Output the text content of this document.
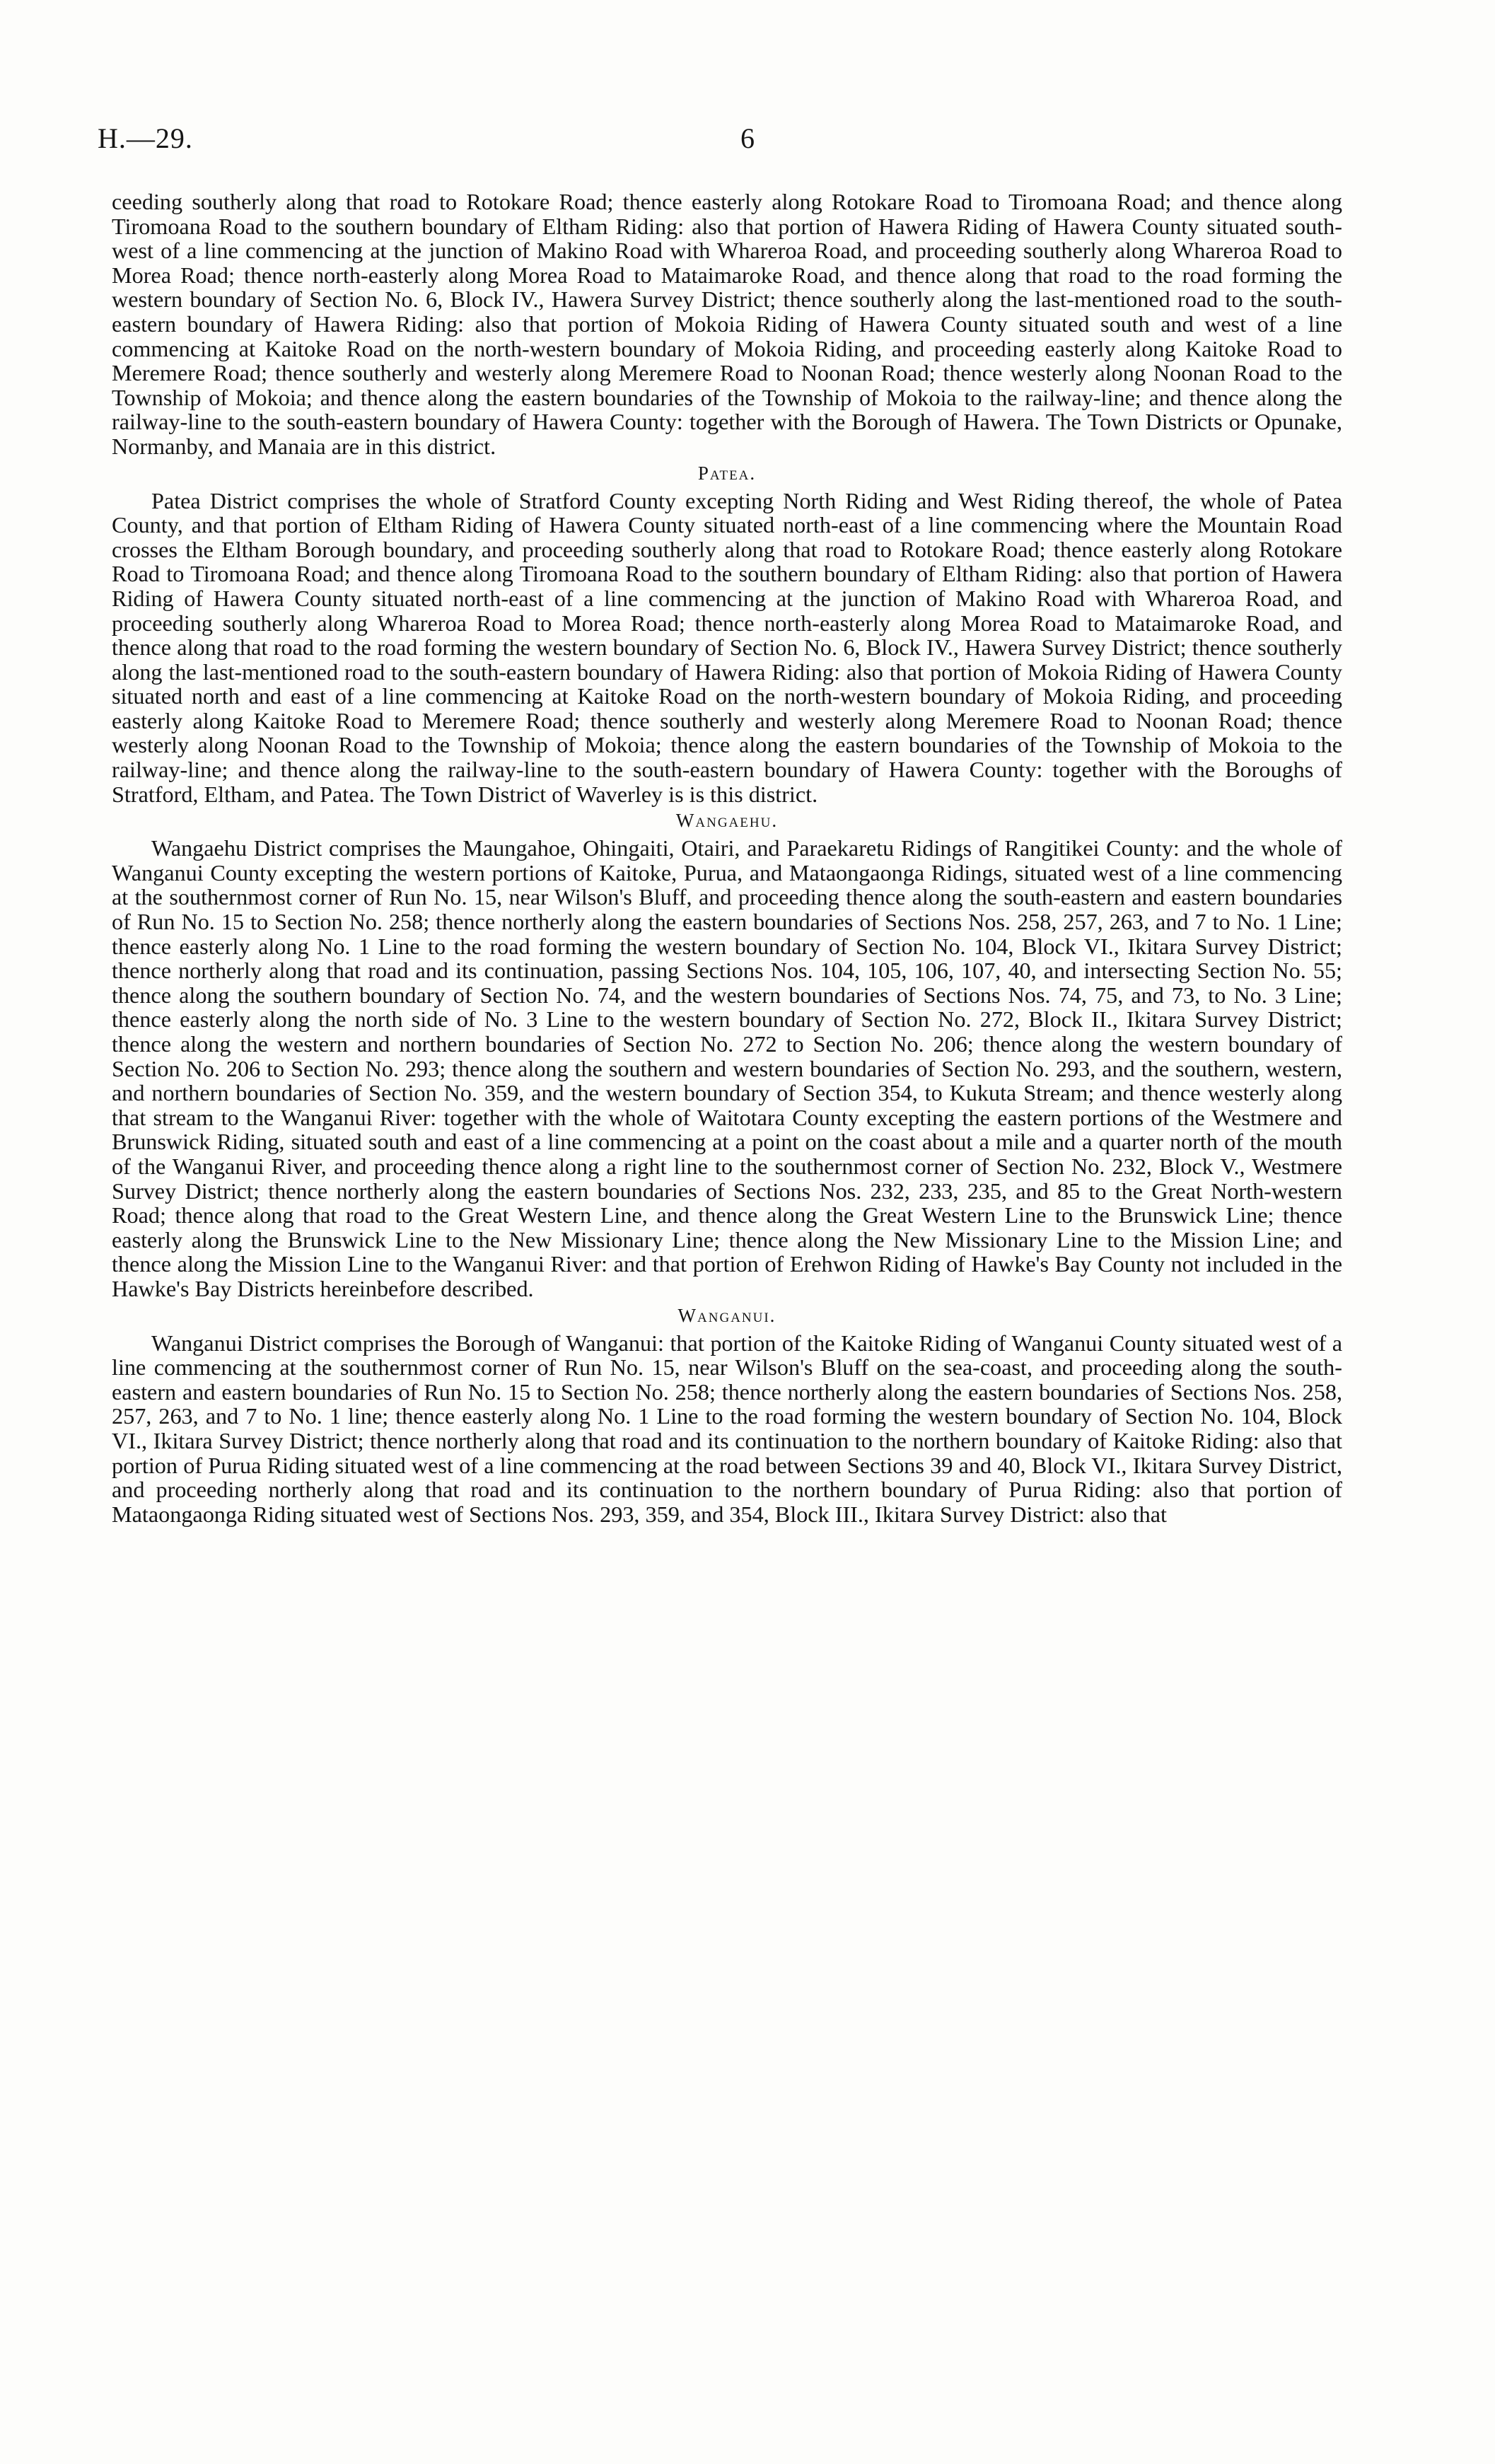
H.—29.	6

ceeding southerly along that road to Rotokare Road; thence easterly along Rotokare Road to Tiromoana Road; and thence along Tiromoana Road to the southern boundary of Eltham Riding: also that portion of Hawera Riding of Hawera County situated south-west of a line commencing at the junction of Makino Road with Whareroa Road, and proceeding southerly along Whareroa Road to Morea Road; thence north-easterly along Morea Road to Mataimaroke Road, and thence along that road to the road forming the western boundary of Section No. 6, Block IV., Hawera Survey District; thence southerly along the last-mentioned road to the south-eastern boundary of Hawera Riding: also that portion of Mokoia Riding of Hawera County situated south and west of a line commencing at Kaitoke Road on the north-western boundary of Mokoia Riding, and proceeding easterly along Kaitoke Road to Meremere Road; thence southerly and westerly along Meremere Road to Noonan Road; thence westerly along Noonan Road to the Township of Mokoia; and thence along the eastern boundaries of the Township of Mokoia to the railway-line; and thence along the railway-line to the south-eastern boundary of Hawera County: together with the Borough of Hawera. The Town Districts or Opunake, Normanby, and Manaia are in this district.

Patea.

Patea District comprises the whole of Stratford County excepting North Riding and West Riding thereof, the whole of Patea County, and that portion of Eltham Riding of Hawera County situated north-east of a line commencing where the Mountain Road crosses the Eltham Borough boundary, and proceeding southerly along that road to Rotokare Road; thence easterly along Rotokare Road to Tiromoana Road; and thence along Tiromoana Road to the southern boundary of Eltham Riding: also that portion of Hawera Riding of Hawera County situated north-east of a line commencing at the junction of Makino Road with Whareroa Road, and proceeding southerly along Whareroa Road to Morea Road; thence north-easterly along Morea Road to Mataimaroke Road, and thence along that road to the road forming the western boundary of Section No. 6, Block IV., Hawera Survey District; thence southerly along the last-mentioned road to the south-eastern boundary of Hawera Riding: also that portion of Mokoia Riding of Hawera County situated north and east of a line commencing at Kaitoke Road on the north-western boundary of Mokoia Riding, and proceeding easterly along Kaitoke Road to Meremere Road; thence southerly and westerly along Meremere Road to Noonan Road; thence westerly along Noonan Road to the Township of Mokoia; thence along the eastern boundaries of the Township of Mokoia to the railway-line; and thence along the railway-line to the south-eastern boundary of Hawera County: together with the Boroughs of Stratford, Eltham, and Patea. The Town District of Waverley is is this district.

Wangaehu.

Wangaehu District comprises the Maungahoe, Ohingaiti, Otairi, and Paraekaretu Ridings of Rangitikei County: and the whole of Wanganui County excepting the western portions of Kaitoke, Purua, and Mataongaonga Ridings, situated west of a line commencing at the southernmost corner of Run No. 15, near Wilson's Bluff, and proceeding thence along the south-eastern and eastern boundaries of Run No. 15 to Section No. 258; thence northerly along the eastern boundaries of Sections Nos. 258, 257, 263, and 7 to No. 1 Line; thence easterly along No. 1 Line to the road forming the western boundary of Section No. 104, Block VI., Ikitara Survey District; thence northerly along that road and its continuation, passing Sections Nos. 104, 105, 106, 107, 40, and intersecting Section No. 55; thence along the southern boundary of Section No. 74, and the western boundaries of Sections Nos. 74, 75, and 73, to No. 3 Line; thence easterly along the north side of No. 3 Line to the western boundary of Section No. 272, Block II., Ikitara Survey District; thence along the western and northern boundaries of Section No. 272 to Section No. 206; thence along the western boundary of Section No. 206 to Section No. 293; thence along the southern and western boundaries of Section No. 293, and the southern, western, and northern boundaries of Section No. 359, and the western boundary of Section 354, to Kukuta Stream; and thence westerly along that stream to the Wanganui River: together with the whole of Waitotara County excepting the eastern portions of the Westmere and Brunswick Riding, situated south and east of a line commencing at a point on the coast about a mile and a quarter north of the mouth of the Wanganui River, and proceeding thence along a right line to the southernmost corner of Section No. 232, Block V., Westmere Survey District; thence northerly along the eastern boundaries of Sections Nos. 232, 233, 235, and 85 to the Great North-western Road; thence along that road to the Great Western Line, and thence along the Great Western Line to the Brunswick Line; thence easterly along the Brunswick Line to the New Missionary Line; thence along the New Missionary Line to the Mission Line; and thence along the Mission Line to the Wanganui River: and that portion of Erehwon Riding of Hawke's Bay County not included in the Hawke's Bay Districts hereinbefore described.

Wanganui.

Wanganui District comprises the Borough of Wanganui: that portion of the Kaitoke Riding of Wanganui County situated west of a line commencing at the southernmost corner of Run No. 15, near Wilson's Bluff on the sea-coast, and proceeding along the south-eastern and eastern boundaries of Run No. 15 to Section No. 258; thence northerly along the eastern boundaries of Sections Nos. 258, 257, 263, and 7 to No. 1 line; thence easterly along No. 1 Line to the road forming the western boundary of Section No. 104, Block VI., Ikitara Survey District; thence northerly along that road and its continuation to the northern boundary of Kaitoke Riding: also that portion of Purua Riding situated west of a line commencing at the road between Sections 39 and 40, Block VI., Ikitara Survey District, and proceeding northerly along that road and its continuation to the northern boundary of Purua Riding: also that portion of Mataongaonga Riding situated west of Sections Nos. 293, 359, and 354, Block III., Ikitara Survey District: also that
